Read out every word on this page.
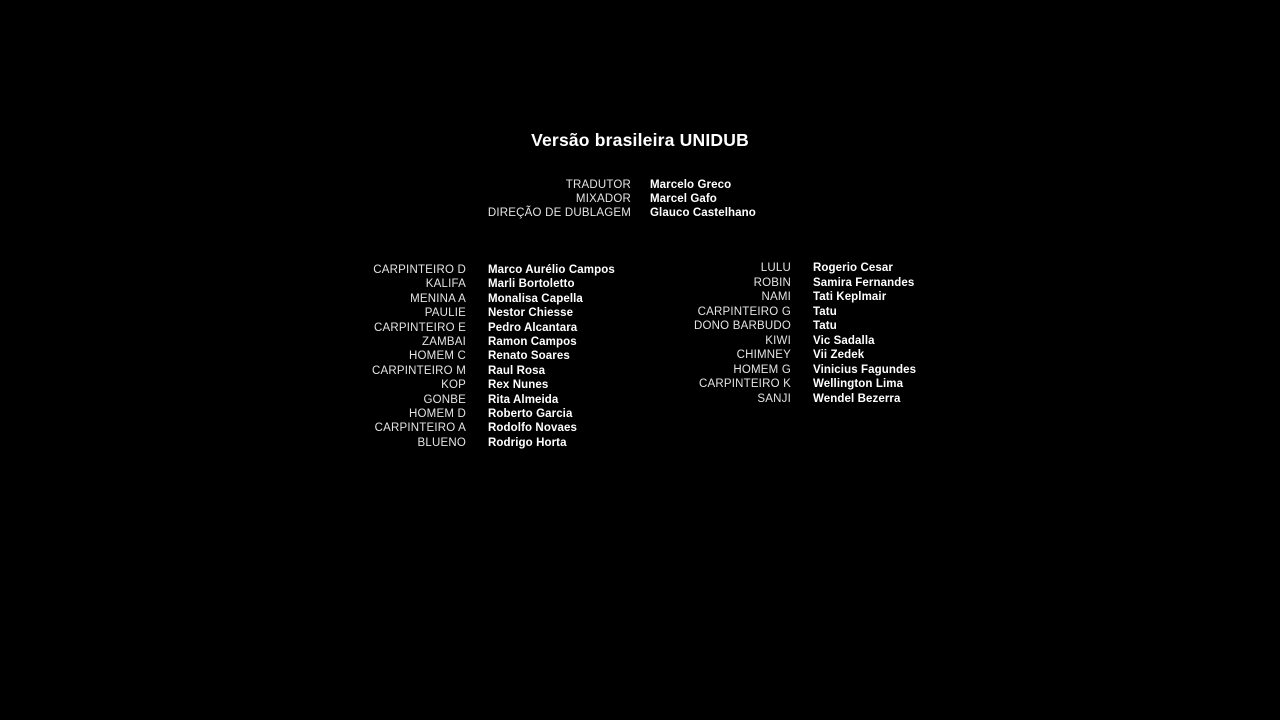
Versão brasileira UNIDUB
TRADUTOR Marcelo Greco
MIXADOR Marcel Gafo
DIREÇÃO DE DUBLAGEM Glauco Castelhano
CARPINTEIRO D Marco Aurélio Campos
KALIFA Marli Bortoletto
MENINA A Monalisa Capella
PAULIE Nestor Chiesse
CARPINTEIRO E Pedro Alcantara
ZAMBAI Ramon Campos
HOMEM C Renato Soares
CARPINTEIRO M Raul Rosa
KOP Rex Nunes
GONBE Rita Almeida
HOMEM D Roberto Garcia
CARPINTEIRO A Rodolfo Novaes
BLUENO Rodrigo Horta
LULU Rogerio Cesar
ROBIN Samira Fernandes
NAMI Tati Keplmair
CARPINTEIRO G Tatu
DONO BARBUDO Tatu
KIWI Vic Sadalla
CHIMNEY Vii Zedek
HOMEM G Vinicius Fagundes
CARPINTEIRO K Wellington Lima
SANJI Wendel Bezerra
